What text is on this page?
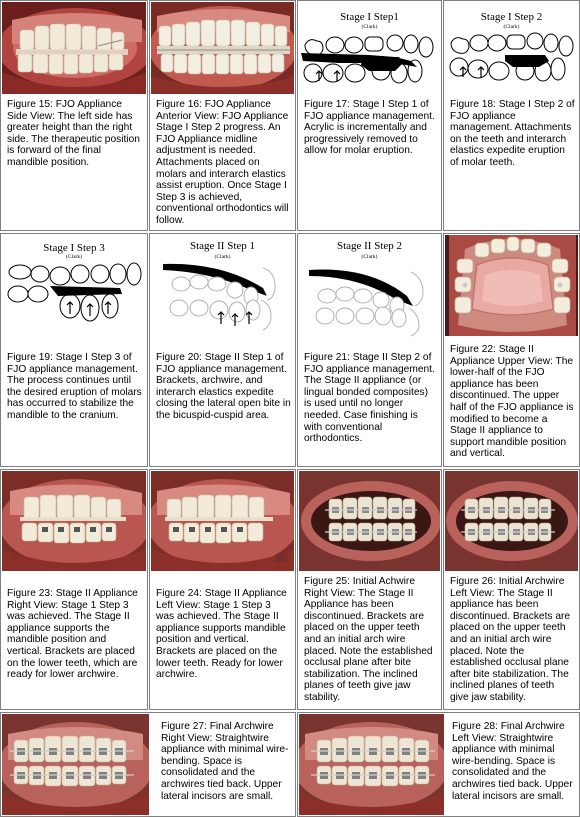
Figure 15: FJO Appliance Side View: The left side has greater height than the right side. The therapeutic position is forward of the final mandible position.
Figure 16: FJO Appliance Anterior View: FJO Appliance Stage I Step 2 progress. An FJO Appliance midline adjustment is needed. Attachments placed on molars and interarch elastics assist eruption. Once Stage I Step 3 is achieved, conventional orthodontics will follow.
Stage I Step1
(Clark)
Figure 17: Stage I Step 1 of FJO appliance management. Acrylic is incrementally and progressively removed to allow for molar eruption.
Stage I Step 2
(Clark)
Figure 18: Stage I Step 2 of FJO appliance management. Attachments on the teeth and interarch elastics expedite eruption of molar teeth.
Stage I Step 3
(Clark)
Figure 19: Stage I Step 3 of FJO appliance management. The process continues until the desired eruption of molars has occurred to stabilize the mandible to the cranium.
Stage II Step 1
(Clark)
Figure 20: Stage II Step 1 of FJO appliance management. Brackets, archwire, and interarch elastics expedite closing the lateral open bite in the bicuspid-cuspid area.
Stage II Step 2
(Clark)
Figure 21: Stage II Step 2 of FJO appliance management. The Stage II appliance (or lingual bonded composites) is used until no longer needed. Case finishing is with conventional orthodontics.
Figure 22: Stage II Appliance Upper View: The lower-half of the FJO appliance has been discontinued. The upper half of the FJO appliance is modified to become a Stage II appliance to support mandible position and vertical.
Figure 23: Stage II Appliance Right View: Stage 1 Step 3 was achieved. The Stage II appliance supports the mandible position and vertical. Brackets are placed on the lower teeth, which are ready for lower archwire.
5(C
Figure 24: Stage II Appliance Left View: Stage 1 Step 3 was achieved. The Stage II appliance supports mandible position and vertical. Brackets are placed on the lower teeth. Ready for lower archwire.
Figure 25: Initial Achwire Right View: The Stage II Appliance has been discontinued. Brackets are placed on the upper teeth and an initial arch wire placed. Note the established occlusal plane after bite stabilization. The inclined planes of teeth give jaw stability.
Figure 26: Initial Archwire Left View: The Stage II appliance has been discontinued. Brackets are placed on the upper teeth and an initial arch wire placed. Note the established occlusal plane after bite stabilization. The inclined planes of teeth give jaw stability.
Figure 27: Final Archwire Right View: Straightwire appliance with minimal wire-bending. Space is consolidated and the archwires tied back. Upper lateral incisors are small.
Figure 28: Final Archwire Left View: Straightwire appliance with minimal wire-bending. Space is consolidated and the archwires tied back. Upper lateral incisors are small.
